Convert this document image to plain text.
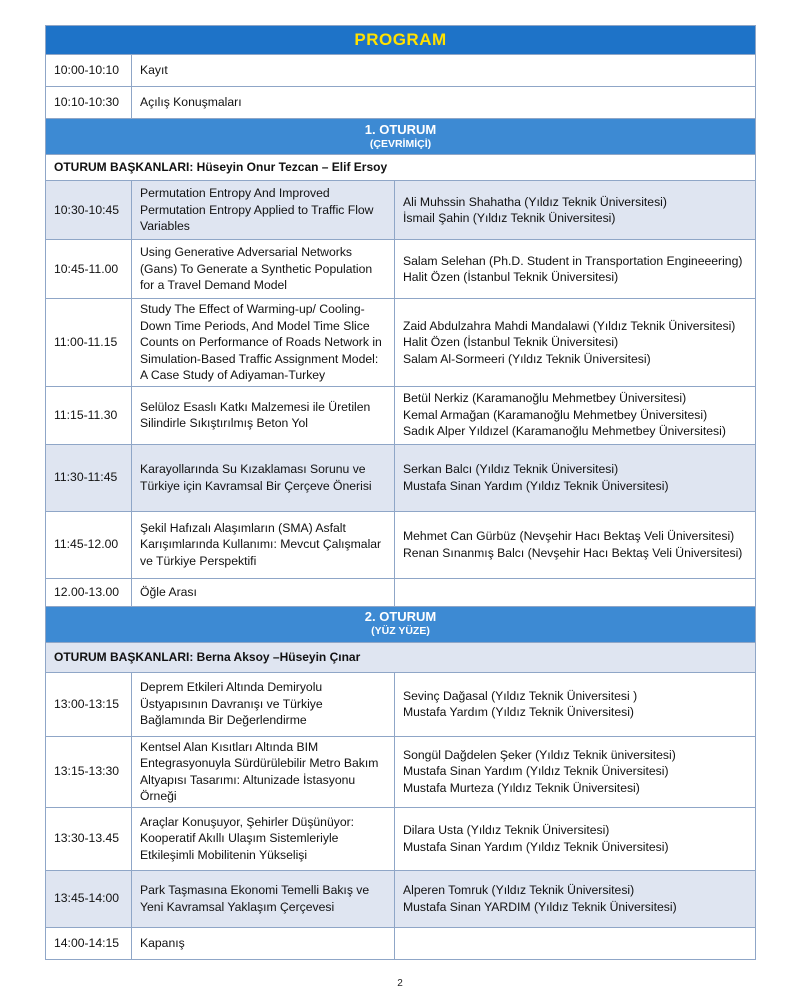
PROGRAM		
10:00-10:10	Kayıt	
10:10-10:30	Açılış Konuşmaları	

1. OTURUM
(ÇEVRİMİÇİ)		

OTURUM BAŞKANLARI: Hüseyin Onur Tezcan – Elif Ersoy		
10:30-10:45	Permutation Entropy And Improved Permutation Entropy Applied to Traffic Flow Variables	Ali Muhssin Shahatha (Yıldız Teknik Üniversitesi)
İsmail Şahin (Yıldız Teknik Üniversitesi)

10:45-11.00	Using Generative Adversarial Networks (Gans) To Generate a Synthetic Population for a Travel Demand Model	Salam Selehan (Ph.D. Student in Transportation Engineeering)
Halit Özen (İstanbul Teknik Üniversitesi)

11:00-11.15	Study The Effect of Warming-up/ Cooling-Down Time Periods, And Model Time Slice Counts on Performance of Roads Network in Simulation-Based Traffic Assignment Model: A Case Study of Adiyaman-Turkey	Zaid Abdulzahra Mahdi Mandalawi (Yıldız Teknik Üniversitesi)
Halit Özen (İstanbul Teknik Üniversitesi)
Salam Al-Sormeeri (Yıldız Teknik Üniversitesi)

11:15-11.30	Selüloz Esaslı Katkı Malzemesi ile Üretilen Silindirle Sıkıştırılmış Beton Yol	Betül Nerkiz (Karamanoğlu Mehmetbey Üniversitesi)
Kemal Armağan (Karamanoğlu Mehmetbey Üniversitesi)
Sadık Alper Yıldızel (Karamanoğlu Mehmetbey Üniversitesi)

11:30-11:45	Karayollarında Su Kızaklaması Sorunu ve Türkiye için Kavramsal Bir Çerçeve Önerisi	Serkan Balcı (Yıldız Teknik Üniversitesi)
Mustafa Sinan Yardım (Yıldız Teknik Üniversitesi)

11:45-12.00	Şekil Hafızalı Alaşımların (SMA) Asfalt Karışımlarında Kullanımı: Mevcut Çalışmalar ve Türkiye Perspektifi	Mehmet Can Gürbüz (Nevşehir Hacı Bektaş Veli Üniversitesi)
Renan Sınanmış Balcı (Nevşehir Hacı Bektaş Veli Üniversitesi)

12.00-13.00	Öğle Arası	

2. OTURUM
(YÜZ YÜZE)		

OTURUM BAŞKANLARI: Berna Aksoy –Hüseyin Çınar		
13:00-13:15	Deprem Etkileri Altında Demiryolu Üstyapısının Davranışı ve Türkiye Bağlamında Bir Değerlendirme	Sevinç Dağasal (Yıldız Teknik Üniversitesi )
Mustafa Yardım (Yıldız Teknik Üniversitesi)

13:15-13:30	Kentsel Alan Kısıtları Altında BIM Entegrasyonuyla Sürdürülebilir Metro Bakım Altyapısı Tasarımı: Altunizade İstasyonu Örneği	Songül Dağdelen Şeker (Yıldız Teknik üniversitesi)
Mustafa Sinan Yardım (Yıldız Teknik Üniversitesi)
Mustafa Murteza (Yıldız Teknik Üniversitesi)

13:30-13.45	Araçlar Konuşuyor, Şehirler Düşünüyor: Kooperatif Akıllı Ulaşım Sistemleriyle Etkileşimli Mobilitenin Yükselişi	Dilara Usta (Yıldız Teknik Üniversitesi)
Mustafa Sinan Yardım (Yıldız Teknik Üniversitesi)

13:45-14:00	Park Taşmasına Ekonomi Temelli Bakış ve Yeni Kavramsal Yaklaşım Çerçevesi	Alperen Tomruk (Yıldız Teknik Üniversitesi)
Mustafa Sinan YARDIM (Yıldız Teknik Üniversitesi)

14:00-14:15	Kapanış	
2
